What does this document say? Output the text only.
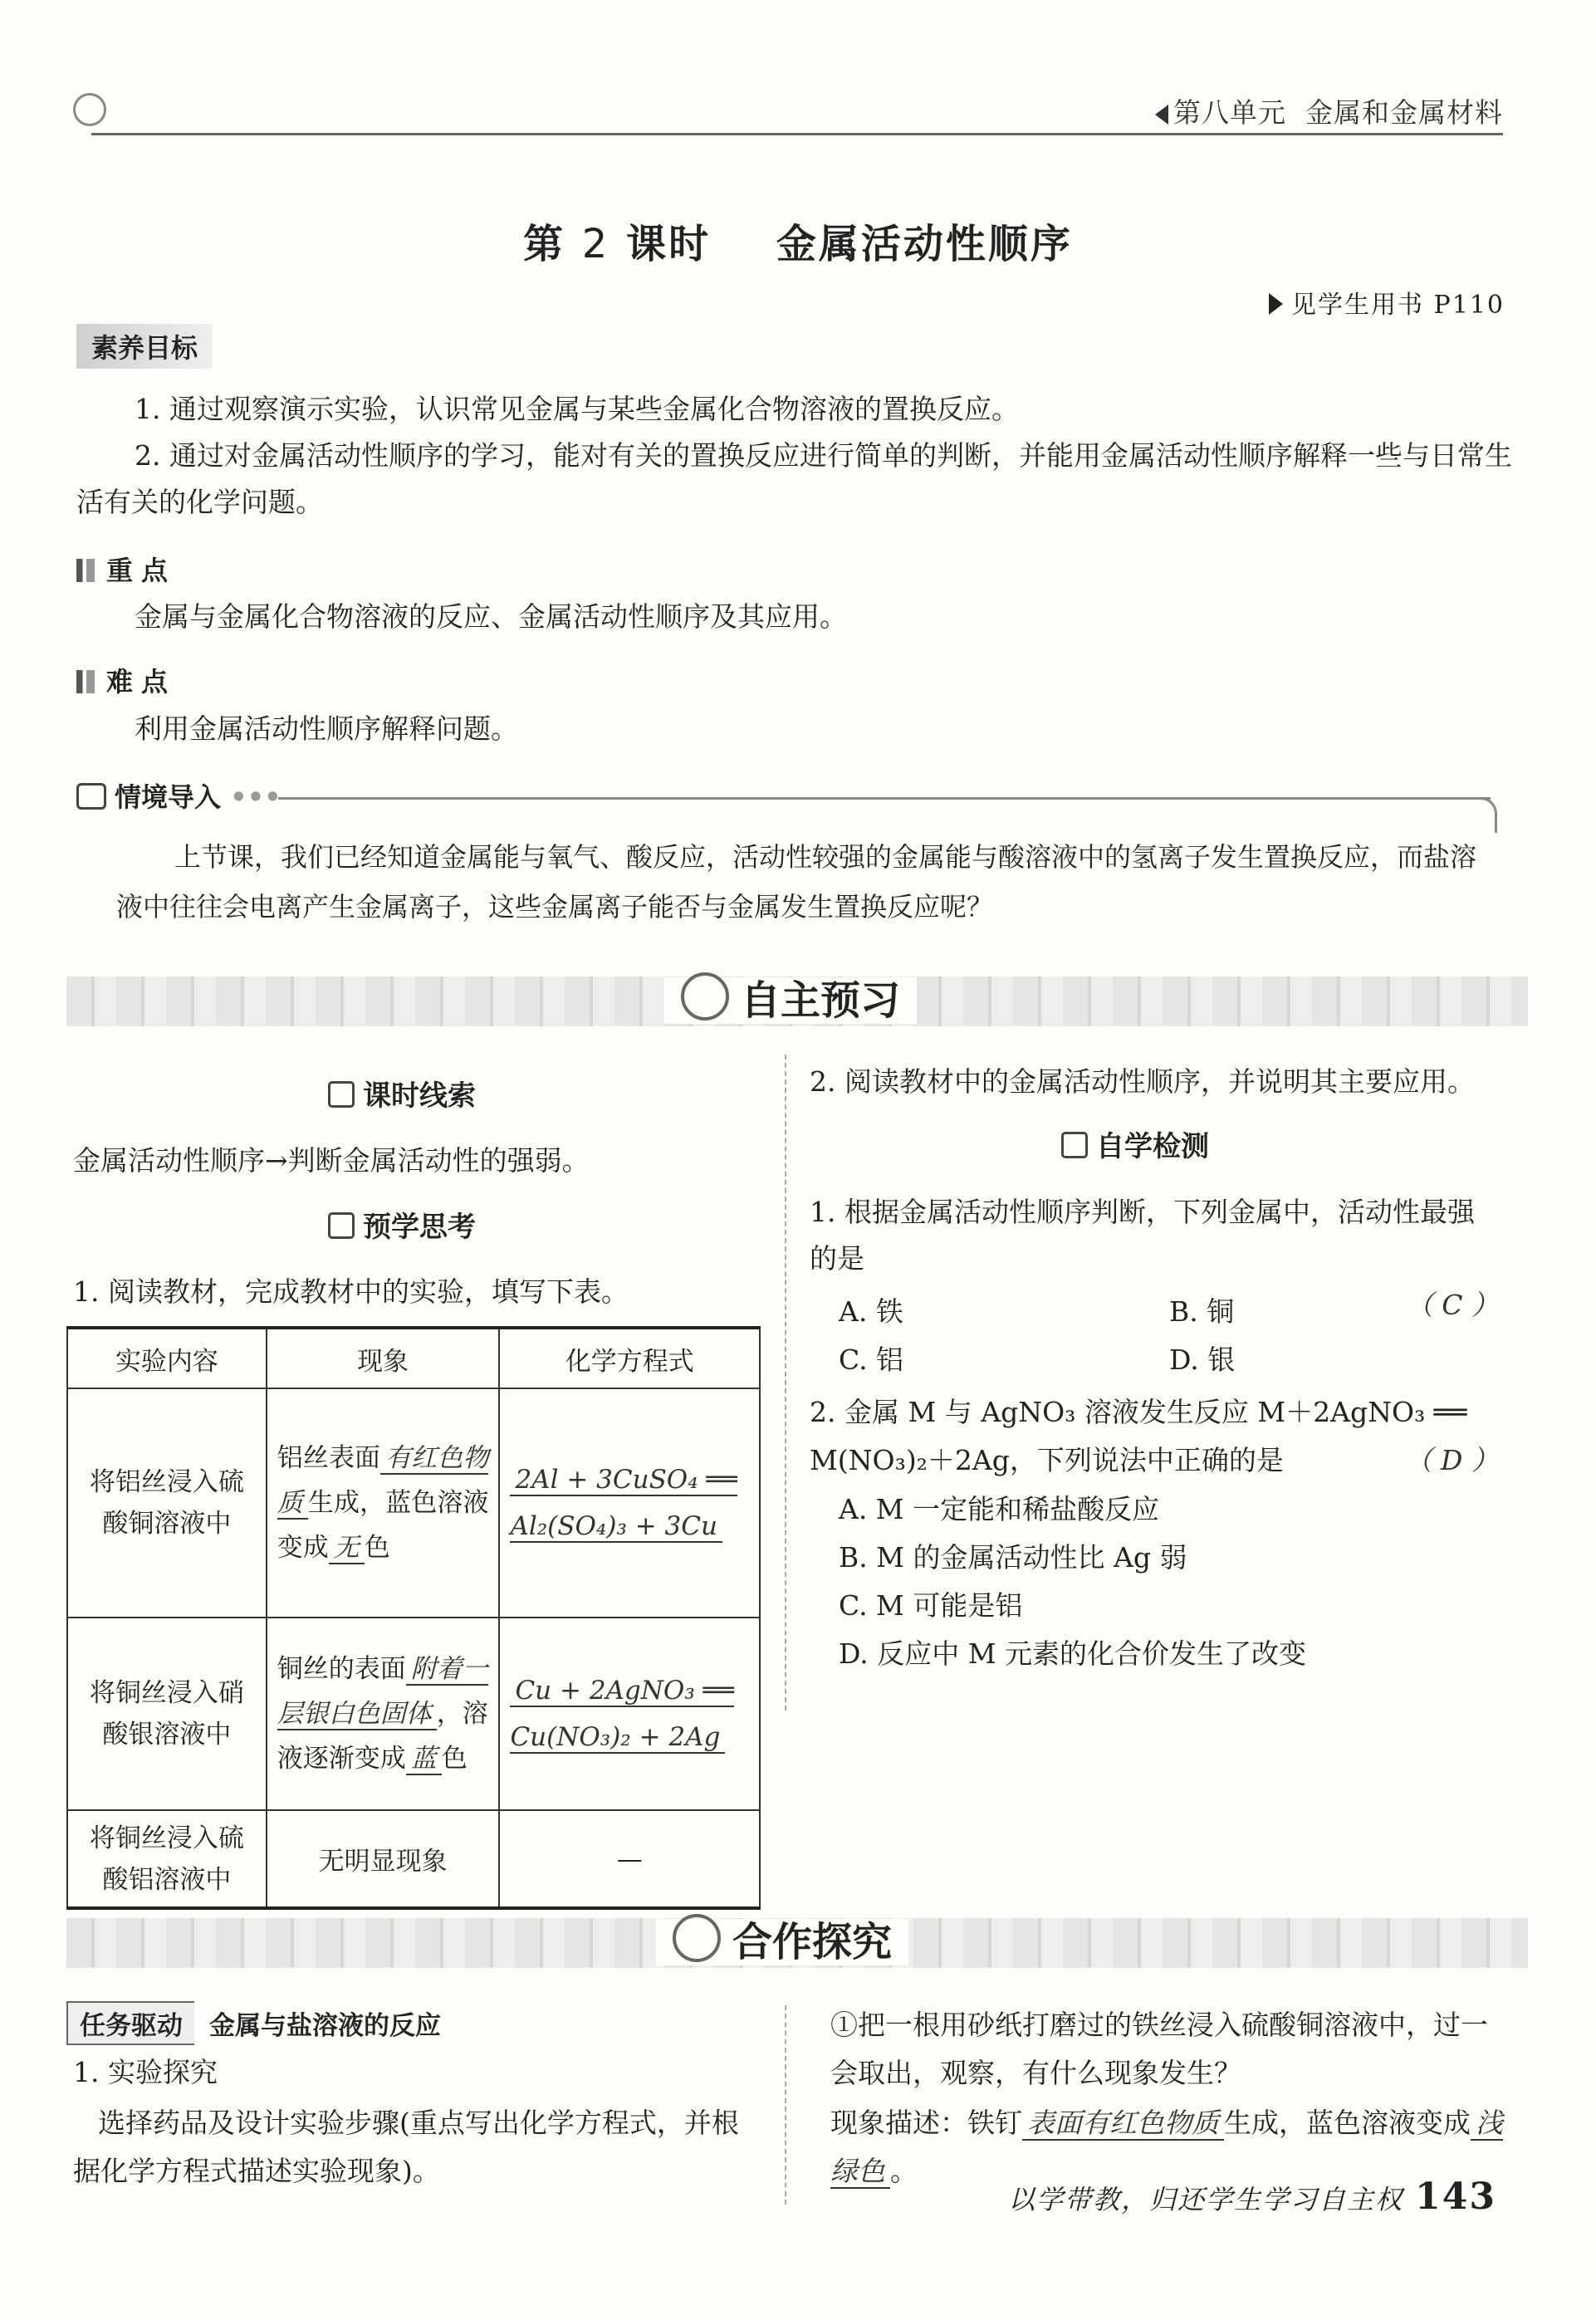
第八单元 金属和金属材料
第 2 课时 金属活动性顺序
见学生用书 P110
素养目标
1. 通过观察演示实验，认识常见金属与某些金属化合物溶液的置换反应。
2. 通过对金属活动性顺序的学习，能对有关的置换反应进行简单的判断，并能用金属活动性顺序解释一些与日常生活有关的化学问题。
重点
金属与金属化合物溶液的反应、金属活动性顺序及其应用。
难点
利用金属活动性顺序解释问题。
情境导入 •••
上节课，我们已经知道金属能与氧气、酸反应，活动性较强的金属能与酸溶液中的氢离子发生置换反应，而盐溶液中往往会电离产生金属离子，这些金属离子能否与金属发生置换反应呢？
自主预习
课时线索
金属活动性顺序→判断金属活动性的强弱。
预学思考
1. 阅读教材，完成教材中的实验，填写下表。
实验内容	现象	化学方程式
将铝丝浸入硫酸铜溶液中	铝丝表面 有红色物质 生成，蓝色溶液变成 无 色	2Al + 3CuSO₄ ══ Al₂(SO₄)₃ + 3Cu
将铜丝浸入硝酸银溶液中	铜丝的表面 附着一层银白色固体 ，溶液逐渐变成 蓝 色	Cu + 2AgNO₃ ══ Cu(NO₃)₂ + 2Ag
将铜丝浸入硫酸铝溶液中	无明显现象	—
2. 阅读教材中的金属活动性顺序，并说明其主要应用。
自学检测
1. 根据金属活动性顺序判断，下列金属中，活动性最强的是
（ C ）
A. 铁	B. 铜
C. 铝	D. 银
2. 金属 M 与 AgNO₃ 溶液发生反应 M＋2AgNO₃ ══ M(NO₃)₂＋2Ag，下列说法中正确的是	（ D ）
A. M 一定能和稀盐酸反应
B. M 的金属活动性比 Ag 弱
C. M 可能是铝
D. 反应中 M 元素的化合价发生了改变
合作探究
任务驱动 金属与盐溶液的反应
1. 实验探究
选择药品及设计实验步骤(重点写出化学方程式，并根据化学方程式描述实验现象)。
①把一根用砂纸打磨过的铁丝浸入硫酸铜溶液中，过一会取出，观察，有什么现象发生？
现象描述：铁钉 表面有红色物质 生成，蓝色溶液变成 浅绿色 。
以学带教，归还学生学习自主权 143
